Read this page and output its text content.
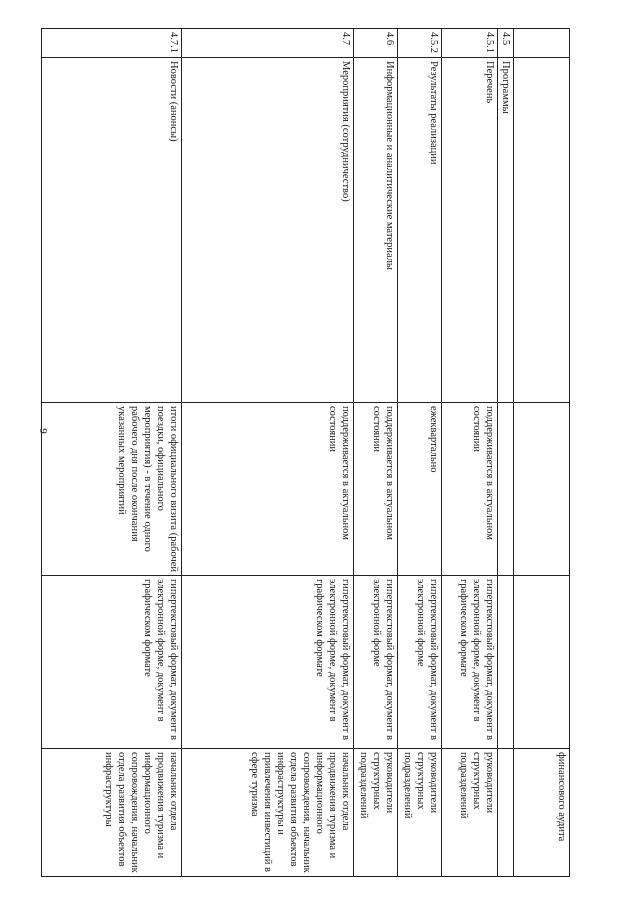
9
				финансового аудита
4.5	Программы			
4.5.1	Перечень	поддерживается в актуальном состоянии	гипертекстовый формат, документ в электронной форме, документ в графическом формате	руководители структурных подразделений
4.5.2	Результаты реализации	ежеквартально	гипертекстовый формат, документ в электронной форме	руководители структурных подразделений
4.6	Информационные и аналитические материалы	поддерживается в актуальном состоянии	гипертекстовый формат, документ в электронной форме	руководители структурных подразделений
4.7	Мероприятия (сотрудничество)	поддерживается в актуальном состоянии	гипертекстовый формат, документ в электронной форме, документ в графическом формате	начальник отдела продвижения туризма и информационного сопровождения, начальник отдела развития объектов инфраструктуры и привлечения инвестиций в сфере туризма
4.7.1	Новости (анонсы)	итоги официального визита (рабочей поездки, официального мероприятия) - в течение одного рабочего дня после окончания указанных мероприятий	гипертекстовый формат, документ в электронной форме, документ в графическом формате	начальник отдела продвижения туризма и информационного сопровождения, начальник отдела развития объектов инфраструктуры
